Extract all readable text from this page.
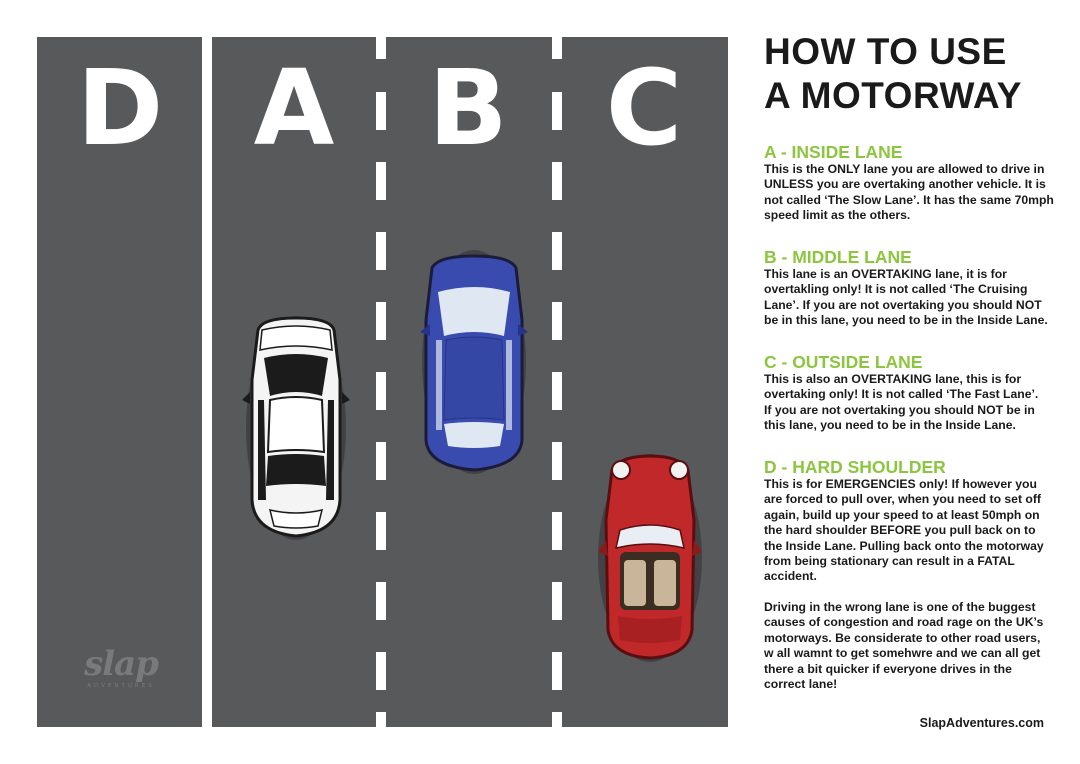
D A B C
slap
ADVENTURES
HOW TO USE
A MOTORWAY
A - INSIDE LANE
This is the ONLY lane you are allowed to drive in
UNLESS you are overtaking another vehicle. It is
not called ‘The Slow Lane’. It has the same 70mph
speed limit as the others.
B - MIDDLE LANE
This lane is an OVERTAKING lane, it is for
overtakling only! It is not called ‘The Cruising
Lane’. If you are not overtaking you should NOT
be in this lane, you need to be in the Inside Lane.
C - OUTSIDE LANE
This is also an OVERTAKING lane, this is for
overtaking only! It is not called ‘The Fast Lane’.
If you are not overtaking you should NOT be in
this lane, you need to be in the Inside Lane.
D - HARD SHOULDER
This is for EMERGENCIES only! If however you
are forced to pull over, when you need to set off
again, build up your speed to at least 50mph on
the hard shoulder BEFORE you pull back on to
the Inside Lane. Pulling back onto the motorway
from being stationary can result in a FATAL
accident.
Driving in the wrong lane is one of the buggest
causes of congestion and road rage on the UK’s
motorways. Be considerate to other road users,
w all wamnt to get somehwre and we can all get
there a bit quicker if everyone drives in the
correct lane!
SlapAdventures.com
